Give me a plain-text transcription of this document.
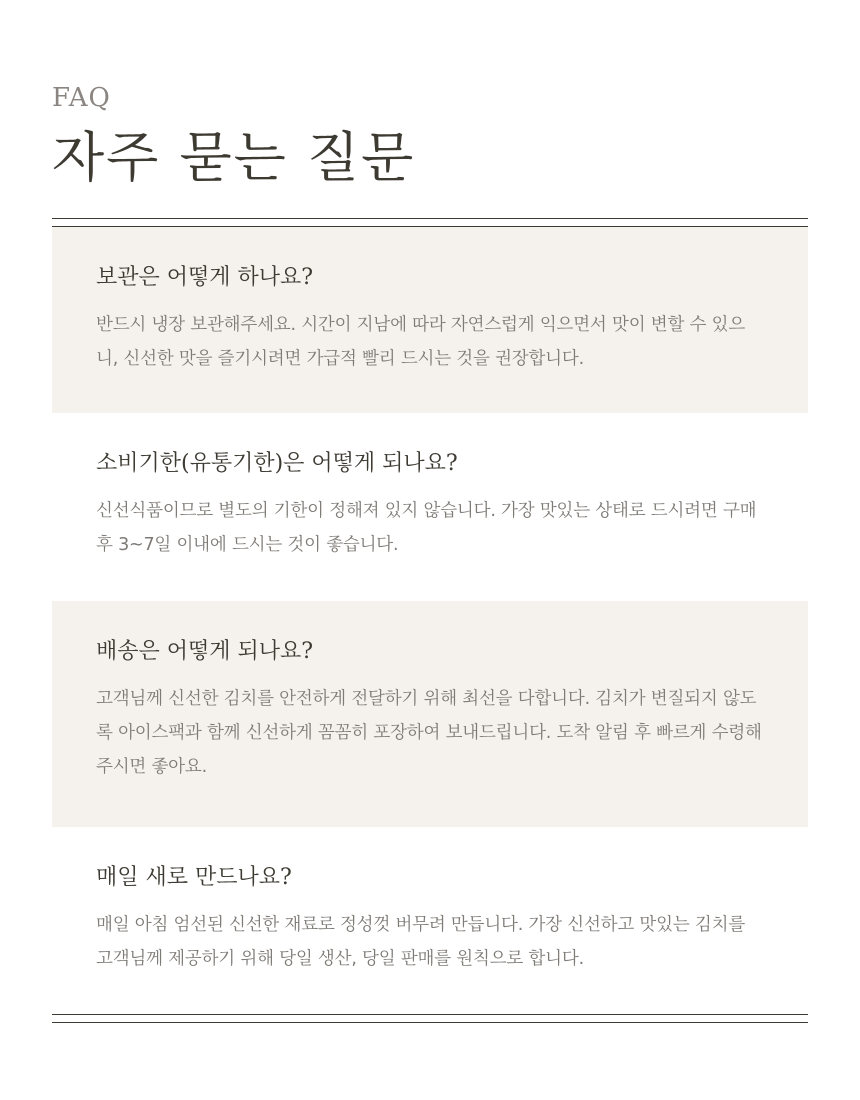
FAQ
자주 묻는 질문
보관은 어떻게 하나요?

반드시 냉장 보관해주세요. 시간이 지남에 따라 자연스럽게 익으면서 맛이 변할 수 있으니, 신선한 맛을 즐기시려면 가급적 빨리 드시는 것을 권장합니다.

소비기한(유통기한)은 어떻게 되나요?

신선식품이므로 별도의 기한이 정해져 있지 않습니다. 가장 맛있는 상태로 드시려면 구매 후 3~7일 이내에 드시는 것이 좋습니다.

배송은 어떻게 되나요?

고객님께 신선한 김치를 안전하게 전달하기 위해 최선을 다합니다. 김치가 변질되지 않도록 아이스팩과 함께 신선하게 꼼꼼히 포장하여 보내드립니다. 도착 알림 후 빠르게 수령해 주시면 좋아요.

매일 새로 만드나요?

매일 아침 엄선된 신선한 재료로 정성껏 버무려 만듭니다. 가장 신선하고 맛있는 김치를 고객님께 제공하기 위해 당일 생산, 당일 판매를 원칙으로 합니다.
